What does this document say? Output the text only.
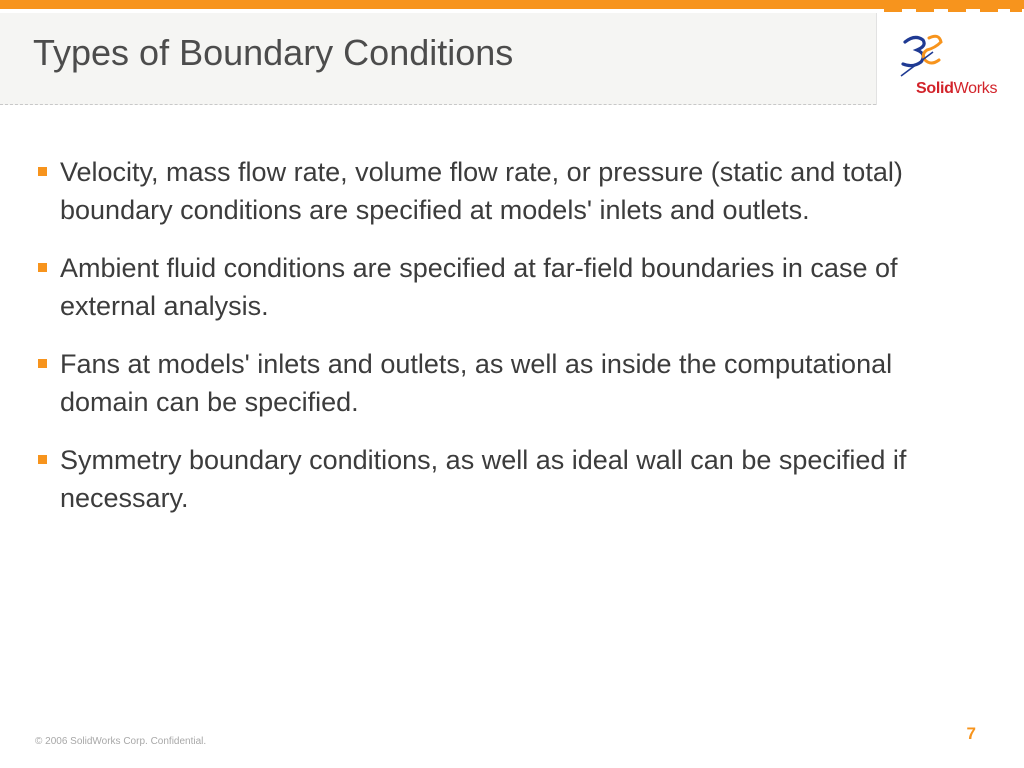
Types of Boundary Conditions
SolidWorks
Velocity, mass flow rate, volume flow rate, or pressure (static and total) boundary conditions are specified at models' inlets and outlets.
Ambient fluid conditions are specified at far-field boundaries in case of external analysis.
Fans at models' inlets and outlets, as well as inside the computational domain can be specified.
Symmetry boundary conditions, as well as ideal wall can be specified if necessary.
© 2006 SolidWorks Corp. Confidential.	7
